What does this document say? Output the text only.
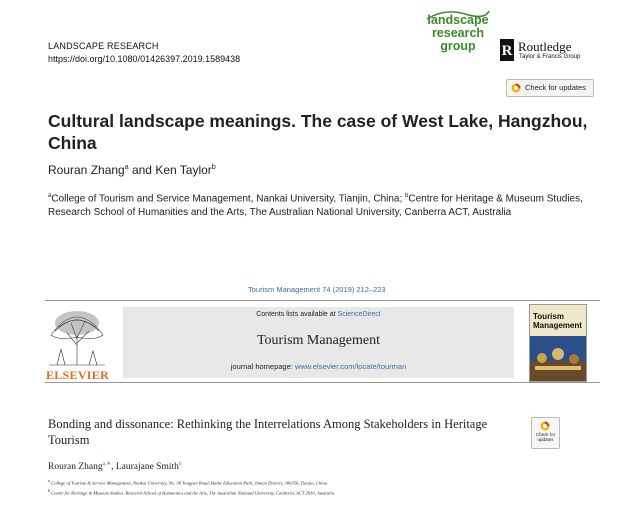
LANDSCAPE RESEARCH
https://doi.org/10.1080/01426397.2019.1589438
landscape
research
group	R Routledge
Taylor & Francis Group
Check for updates
Cultural landscape meanings. The case of West Lake, Hangzhou, China
Rouran Zhang$^a$ and Ken Taylor$^b$
$^a$College of Tourism and Service Management, Nankai University, Tianjin, China; $^b$Centre for Heritage & Museum Studies, Research School of Humanities and the Arts, The Australian National University, Canberra ACT, Australia
Tourism Management 74 (2019) 212–223
ELSEVIER
Contents lists available at ScienceDirect
Tourism Management
journal homepage: www.elsevier.com/locate/tourman
Tourism
Management
Bonding and dissonance: Rethinking the Interrelations Among Stakeholders in Heritage Tourism	Check for
updates
Rouran Zhang$^{a,∗}$, Laurajane Smith$^b$
$^a$ College of Tourism & Service Management, Nankai University, No. 38 Tongyan Road, Haihe Education Park, Jinnan District, 300350, Tianjin, China
$^b$ Centre for Heritage & Museum Studies, Research School of Humanities and the Arts, The Australian National University, Canberra, ACT 2610, Australia
